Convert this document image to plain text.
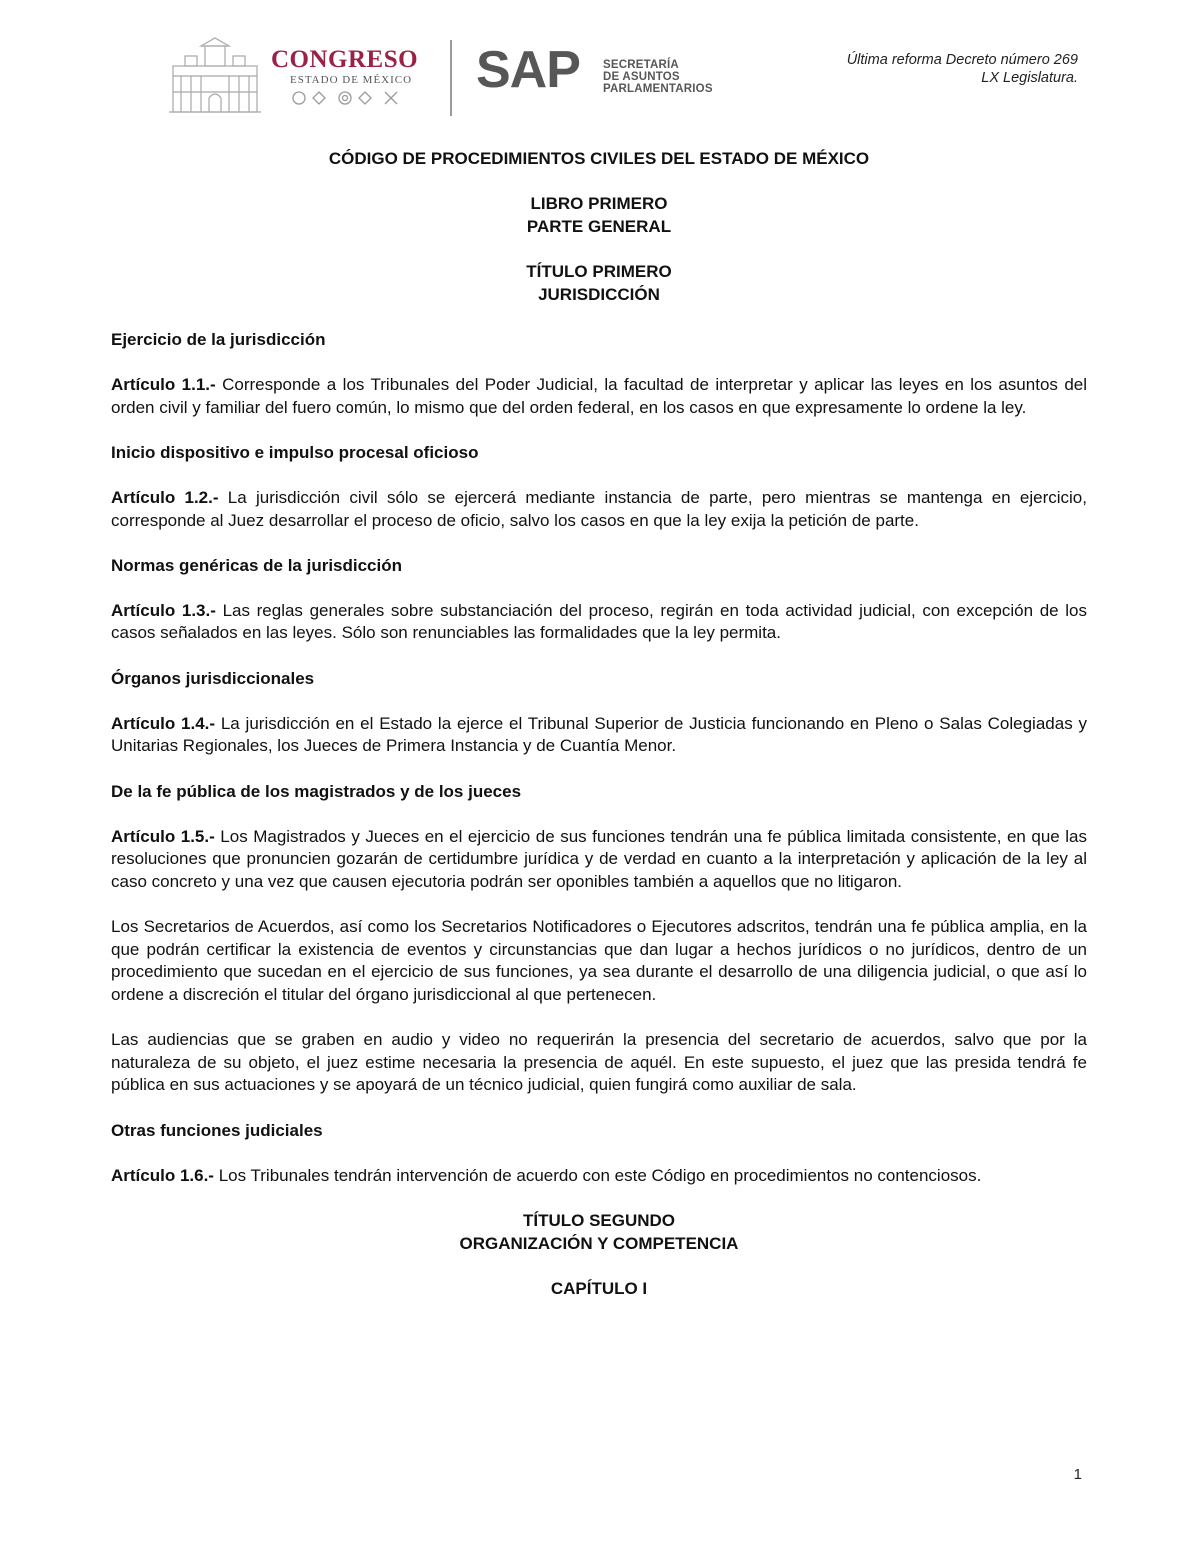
CONGRESO
ESTADO DE MÉXICO SAP SECRETARÍA
DE ASUNTOS
PARLAMENTARIOS
Última reforma Decreto número 269
LX Legislatura.

CÓDIGO DE PROCEDIMIENTOS CIVILES DEL ESTADO DE MÉXICO

LIBRO PRIMERO

PARTE GENERAL

TÍTULO PRIMERO

JURISDICCIÓN

Ejercicio de la jurisdicción

Artículo 1.1.- Corresponde a los Tribunales del Poder Judicial, la facultad de interpretar y aplicar las leyes en los asuntos del orden civil y familiar del fuero común, lo mismo que del orden federal, en los casos en que expresamente lo ordene la ley.

Inicio dispositivo e impulso procesal oficioso

Artículo 1.2.- La jurisdicción civil sólo se ejercerá mediante instancia de parte, pero mientras se mantenga en ejercicio, corresponde al Juez desarrollar el proceso de oficio, salvo los casos en que la ley exija la petición de parte.

Normas genéricas de la jurisdicción

Artículo 1.3.- Las reglas generales sobre substanciación del proceso, regirán en toda actividad judicial, con excepción de los casos señalados en las leyes. Sólo son renunciables las formalidades que la ley permita.

Órganos jurisdiccionales

Artículo 1.4.- La jurisdicción en el Estado la ejerce el Tribunal Superior de Justicia funcionando en Pleno o Salas Colegiadas y Unitarias Regionales, los Jueces de Primera Instancia y de Cuantía Menor.

De la fe pública de los magistrados y de los jueces

Artículo 1.5.- Los Magistrados y Jueces en el ejercicio de sus funciones tendrán una fe pública limitada consistente, en que las resoluciones que pronuncien gozarán de certidumbre jurídica y de verdad en cuanto a la interpretación y aplicación de la ley al caso concreto y una vez que causen ejecutoria podrán ser oponibles también a aquellos que no litigaron.

Los Secretarios de Acuerdos, así como los Secretarios Notificadores o Ejecutores adscritos, tendrán una fe pública amplia, en la que podrán certificar la existencia de eventos y circunstancias que dan lugar a hechos jurídicos o no jurídicos, dentro de un procedimiento que sucedan en el ejercicio de sus funciones, ya sea durante el desarrollo de una diligencia judicial, o que así lo ordene a discreción el titular del órgano jurisdiccional al que pertenecen.

Las audiencias que se graben en audio y video no requerirán la presencia del secretario de acuerdos, salvo que por la naturaleza de su objeto, el juez estime necesaria la presencia de aquél. En este supuesto, el juez que las presida tendrá fe pública en sus actuaciones y se apoyará de un técnico judicial, quien fungirá como auxiliar de sala.

Otras funciones judiciales

Artículo 1.6.- Los Tribunales tendrán intervención de acuerdo con este Código en procedimientos no contenciosos.

TÍTULO SEGUNDO

ORGANIZACIÓN Y COMPETENCIA

CAPÍTULO I

1
